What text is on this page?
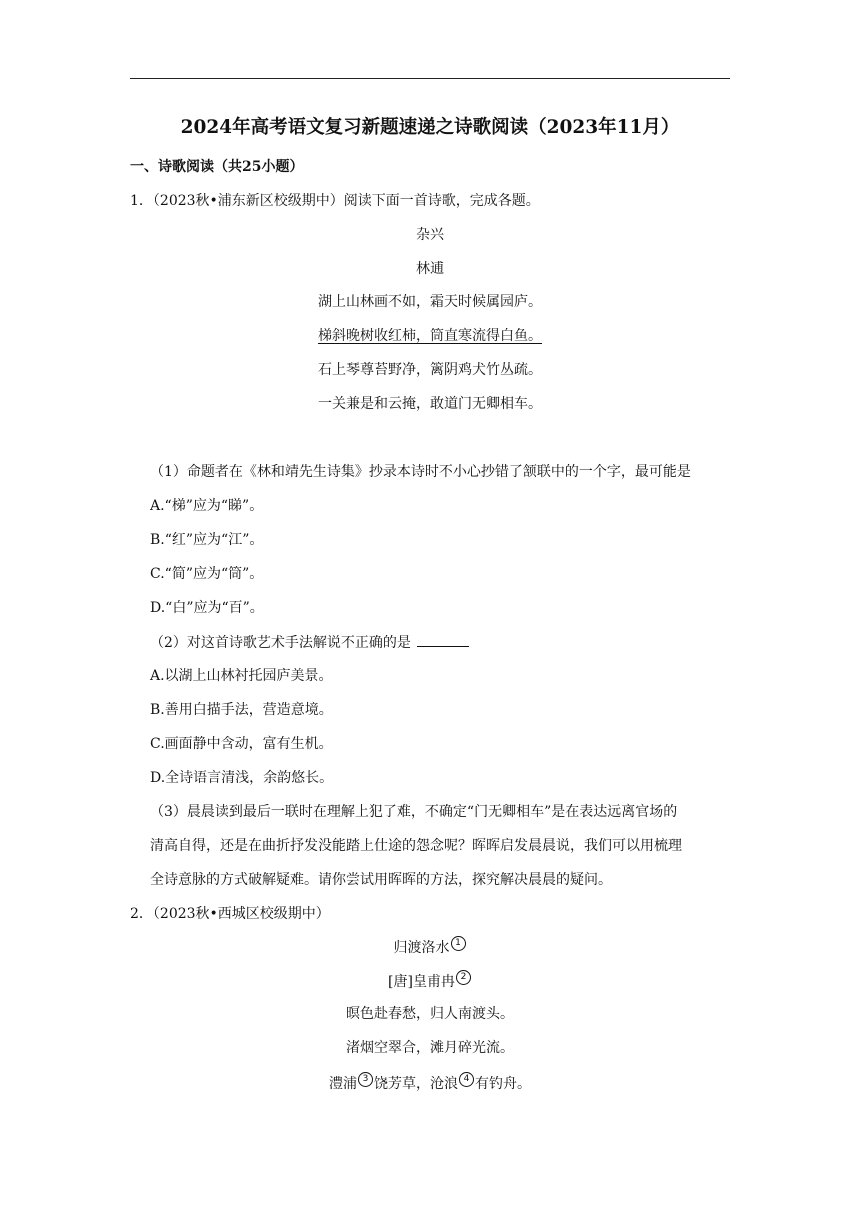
2024年高考语文复习新题速递之诗歌阅读（2023年11月）
一、诗歌阅读（共25小题）
1．（2023秋•浦东新区校级期中）阅读下面一首诗歌，完成各题。
杂兴
林逋
湖上山林画不如，霜天时候属园庐。
梯斜晚树收红柿，筒直寒流得白鱼。
石上琴尊苔野净，篱阴鸡犬竹丛疏。
一关兼是和云掩，敢道门无卿相车。
（1）命题者在《林和靖先生诗集》抄录本诗时不小心抄错了颔联中的一个字，最可能是
A.“梯”应为“睇”。
B.“红”应为“江”。
C.“简”应为“筒”。
D.“白”应为“百”。
（2）对这首诗歌艺术手法解说不正确的是
A.以湖上山林衬托园庐美景。
B.善用白描手法，营造意境。
C.画面静中含动，富有生机。
D.全诗语言清浅，余韵悠长。
（3）晨晨读到最后一联时在理解上犯了难，不确定“门无卿相车”是在表达远离官场的
清高自得，还是在曲折抒发没能踏上仕途的怨念呢？晖晖启发晨晨说，我们可以用梳理
全诗意脉的方式破解疑难。请你尝试用晖晖的方法，探究解决晨晨的疑问。
2．（2023秋•西城区校级期中）
归渡洛水 1
[唐]皇甫冉 2
暝色赴春愁，归人南渡头。
渚烟空翠合，滩月碎光流。
澧浦 3 饶芳草，沧浪 4 有钓舟。
